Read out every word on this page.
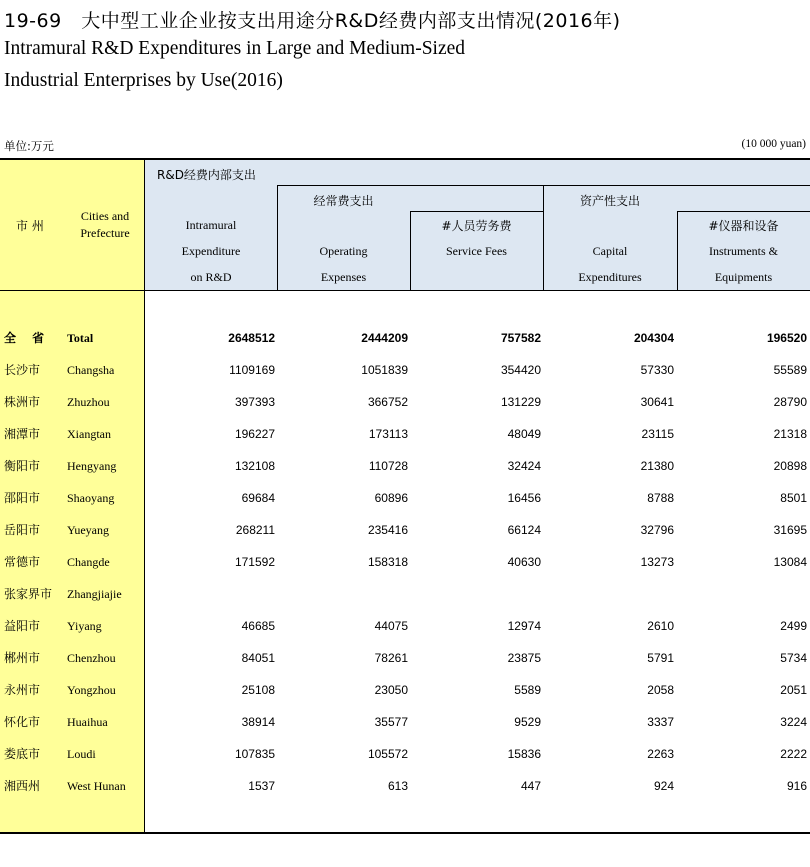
19-69　大中型工业企业按支出用途分R&D经费内部支出情况(2016年)
Intramural R&D Expenditures in Large and Medium-Sized
Industrial Enterprises by Use(2016)
单位:万元	(10 000 yuan)
市 州
Cities and
Prefecture
R&D经费内部支出
Intramural
Expenditure
on R&D
经常费支出
Operating
Expenses
#人员劳务费
Service Fees
资产性支出
Capital
Expenditures
#仪器和设备
Instruments &
Equipments
全 省 Total	2648512	2444209	757582	204304	196520
长沙市 Changsha	1109169	1051839	354420	57330	55589
株洲市 Zhuzhou	397393	366752	131229	30641	28790
湘潭市 Xiangtan	196227	173113	48049	23115	21318
衡阳市 Hengyang	132108	110728	32424	21380	20898
邵阳市 Shaoyang	69684	60896	16456	8788	8501
岳阳市 Yueyang	268211	235416	66124	32796	31695
常德市 Changde	171592	158318	40630	13273	13084
张家界市 Zhangjiajie
益阳市 Yiyang	46685	44075	12974	2610	2499
郴州市 Chenzhou	84051	78261	23875	5791	5734
永州市 Yongzhou	25108	23050	5589	2058	2051
怀化市 Huaihua	38914	35577	9529	3337	3224
娄底市 Loudi	107835	105572	15836	2263	2222
湘西州 West Hunan	1537	613	447	924	916
